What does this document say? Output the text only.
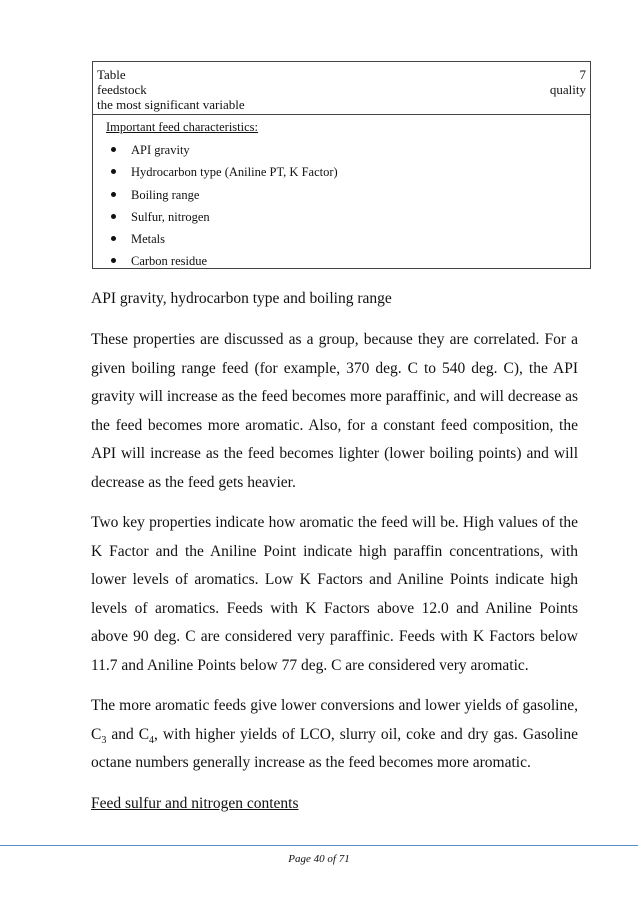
Table	7
feedstock	quality
the most significant variable
Important feed characteristics:
API gravity
Hydrocarbon type (Aniline PT, K Factor)
Boiling range
Sulfur, nitrogen
Metals
Carbon residue

API gravity, hydrocarbon type and boiling range

These properties are discussed as a group, because they are correlated. For a given boiling range feed (for example, 370 deg. C to 540 deg. C), the API gravity will increase as the feed becomes more paraffinic, and will decrease as the feed becomes more aromatic. Also, for a constant feed composition, the API will increase as the feed becomes lighter (lower boiling points) and will decrease as the feed gets heavier.

Two key properties indicate how aromatic the feed will be. High values of the K Factor and the Aniline Point indicate high paraffin concentrations, with lower levels of aromatics. Low K Factors and Aniline Points indicate high levels of aromatics. Feeds with K Factors above 12.0 and Aniline Points above 90 deg. C are considered very paraffinic. Feeds with K Factors below 11.7 and Aniline Points below 77 deg. C are considered very aromatic.

The more aromatic feeds give lower conversions and lower yields of gasoline, $C_3$ and $C_4$, with higher yields of LCO, slurry oil, coke and dry gas. Gasoline octane numbers generally increase as the feed becomes more aromatic.

Feed sulfur and nitrogen contents

Page 40 of 71
